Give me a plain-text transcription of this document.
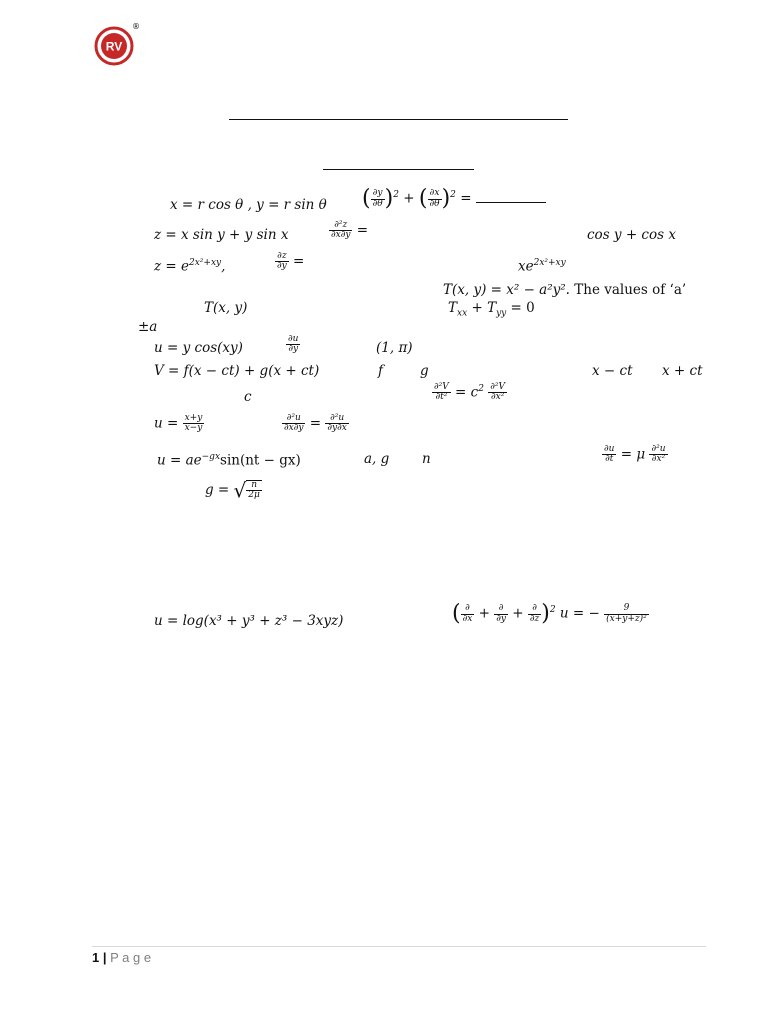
RV
®
x = r cos θ , y = r sin θ ( $\frac{\partial y}{\partial\theta} )^2$ + ( $\frac{\partial x}{\partial\theta} )^2$ =
z = x sin y + y sin x	$\frac{\text{∂²z}}{\partial x\partial y}$ =	cos y + cos x
$z = e^{2x^2+xy}$,	$\frac{\partial z}{\partial y}$ =	$xe^{2x^2+xy}$
T(x, y) = x² − a²y². The values of ‘a’
T(x, y)	$T_{xx} + T_{yy} = 0$
±a
u = y cos(xy)	$\frac{\partial u}{\partial y}$	(1, π)
V = f(x − ct) + g(x + ct)	f	g	x − ct x + ct
c	$\frac{\text{∂²V}}{\text{∂t²}} = c^2 \frac{\text{∂²V}}{\text{∂x²}}$
$u = \frac{x+y}{x-y}$	$\frac{\text{∂²u}}{\partial x\partial y} = \frac{\text{∂²u}}{\partial y\partial x}$
$u = ae^{-gx}\sin(nt - gx)$	a, g n	$\frac{\partial u}{\partial t} = \mu \frac{\text{∂²u}}{\text{∂x²}}$
g = √ $\frac{n}{2\mu}$
u = log(x³ + y³ + z³ − 3xyz)	( $\frac{\partial}{\partial x} + \frac{\partial}{\partial y} + \frac{\partial}{\partial z} )^2$ u = − $\frac{9}{\text{(x+y+z)²}}$
1 | P a g e
